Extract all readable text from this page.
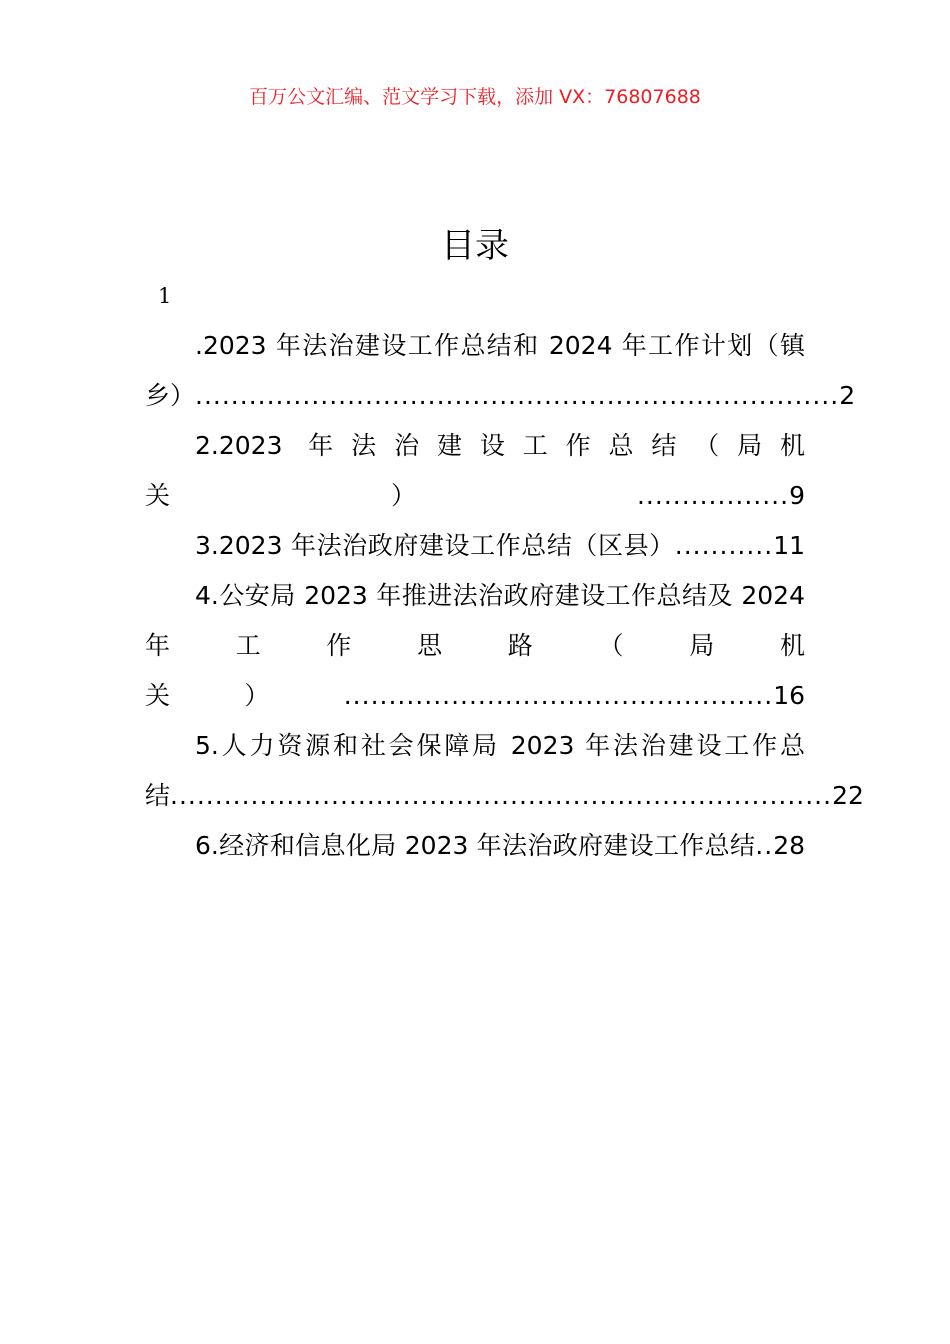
百万公文汇编、范文学习下载，添加 VX：76807688
目录
1
.2023 年法治建设工作总结和 2024 年工作计划（镇乡）........................................................................2
2.2023 年法治建设工作总结（局机关）.................9
3.2023 年法治政府建设工作总结（区县）...........11
4.公安局 2023 年推进法治政府建设工作总结及 2024 年工作思路（局机关）................................................16
5.人力资源和社会保障局 2023 年法治建设工作总结..........................................................................22
6.经济和信息化局 2023 年法治政府建设工作总结..28
